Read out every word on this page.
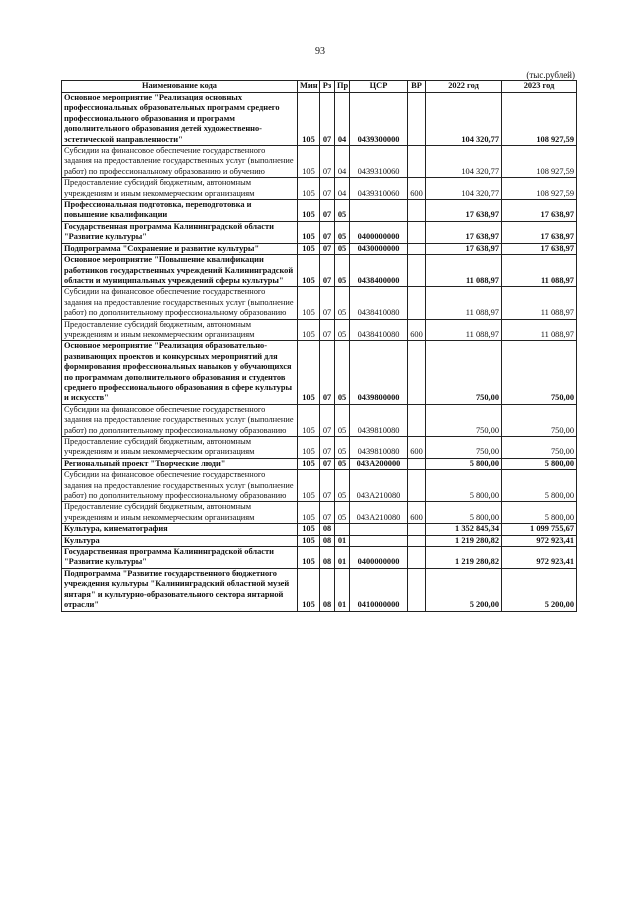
93
(тыс.рублей)
Наименование кода	Мин	Рз	Пр	ЦСР	ВР	2022 год	2023 год
Основное мероприятие "Реализация основных профессиональных образовательных программ среднего профессионального образования и программ дополнительного образования детей художественно-эстетической направленности"	105	07	04	0439300000		104 320,77	108 927,59
Субсидии на финансовое обеспечение государственного задания на предоставление государственных услуг (выполнение работ) по профессиональному образованию и обучению	105	07	04	0439310060		104 320,77	108 927,59
Предоставление субсидий бюджетным, автономным учреждениям и иным некоммерческим организациям	105	07	04	0439310060	600	104 320,77	108 927,59
Профессиональная подготовка, переподготовка и повышение квалификации	105	07	05			17 638,97	17 638,97
Государственная программа Калининградской области "Развитие культуры"	105	07	05	0400000000		17 638,97	17 638,97
Подпрограмма "Сохранение и развитие культуры"	105	07	05	0430000000		17 638,97	17 638,97
Основное мероприятие "Повышение квалификации работников государственных учреждений Калининградской области и муниципальных учреждений сферы культуры"	105	07	05	0438400000		11 088,97	11 088,97
Субсидии на финансовое обеспечение государственного задания на предоставление государственных услуг (выполнение работ) по дополнительному профессиональному образованию	105	07	05	0438410080		11 088,97	11 088,97
Предоставление субсидий бюджетным, автономным учреждениям и иным некоммерческим организациям	105	07	05	0438410080	600	11 088,97	11 088,97
Основное мероприятие "Реализация образовательно-развивающих проектов и конкурсных мероприятий для формирования профессиональных навыков у обучающихся по программам дополнительного образования и студентов среднего профессионального образования в сфере культуры и искусств"	105	07	05	0439800000		750,00	750,00
Субсидии на финансовое обеспечение государственного задания на предоставление государственных услуг (выполнение работ) по дополнительному профессиональному образованию	105	07	05	0439810080		750,00	750,00
Предоставление субсидий бюджетным, автономным учреждениям и иным некоммерческим организациям	105	07	05	0439810080	600	750,00	750,00
Региональный проект "Творческие люди"	105	07	05	043A200000		5 800,00	5 800,00
Субсидии на финансовое обеспечение государственного задания на предоставление государственных услуг (выполнение работ) по дополнительному профессиональному образованию	105	07	05	043A210080		5 800,00	5 800,00
Предоставление субсидий бюджетным, автономным учреждениям и иным некоммерческим организациям	105	07	05	043A210080	600	5 800,00	5 800,00
Культура, кинематография	105	08				1 352 845,34	1 099 755,67
Культура	105	08	01			1 219 280,82	972 923,41
Государственная программа Калининградской области "Развитие культуры"	105	08	01	0400000000		1 219 280,82	972 923,41
Подпрограмма "Развитие государственного бюджетного учреждения культуры "Калининградский областной музей янтаря" и культурно-образовательного сектора янтарной отрасли"	105	08	01	0410000000		5 200,00	5 200,00
